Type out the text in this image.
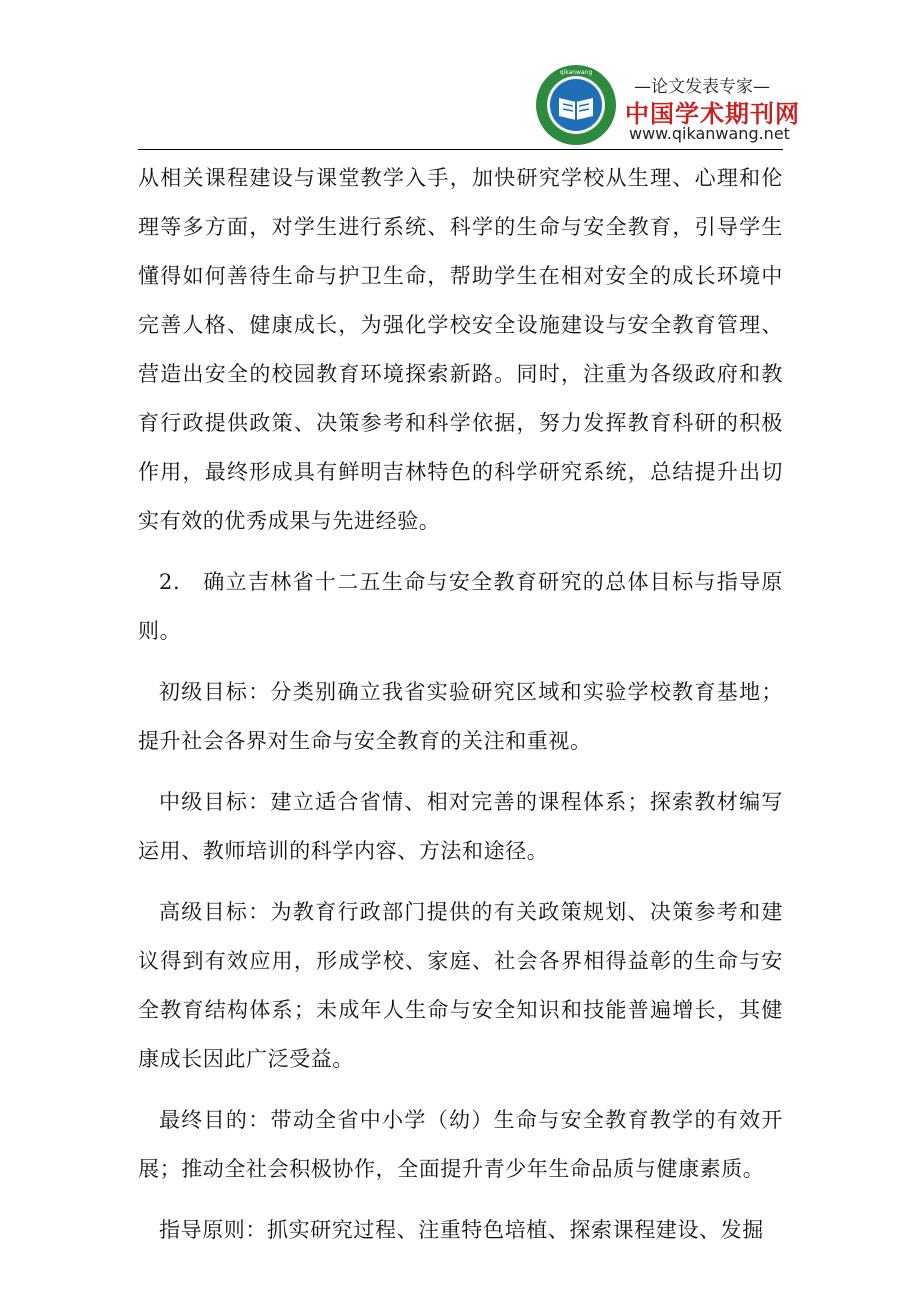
qikanwang
—论文发表专家—
中国学术期刊网
www.qikanwang.net

从相关课程建设与课堂教学入手，加快研究学校从生理、心理和伦理等多方面，对学生进行系统、科学的生命与安全教育，引导学生懂得如何善待生命与护卫生命，帮助学生在相对安全的成长环境中完善人格、健康成长，为强化学校安全设施建设与安全教育管理、营造出安全的校园教育环境探索新路。同时，注重为各级政府和教育行政提供政策、决策参考和科学依据，努力发挥教育科研的积极作用，最终形成具有鲜明吉林特色的科学研究系统，总结提升出切实有效的优秀成果与先进经验。

2.　确立吉林省十二五生命与安全教育研究的总体目标与指导原则。

初级目标：分类别确立我省实验研究区域和实验学校教育基地；提升社会各界对生命与安全教育的关注和重视。

中级目标：建立适合省情、相对完善的课程体系；探索教材编写运用、教师培训的科学内容、方法和途径。

高级目标：为教育行政部门提供的有关政策规划、决策参考和建议得到有效应用，形成学校、家庭、社会各界相得益彰的生命与安全教育结构体系；未成年人生命与安全知识和技能普遍增长，其健康成长因此广泛受益。

最终目的：带动全省中小学（幼）生命与安全教育教学的有效开展；推动全社会积极协作，全面提升青少年生命品质与健康素质。

指导原则：抓实研究过程、注重特色培植、探索课程建设、发掘
